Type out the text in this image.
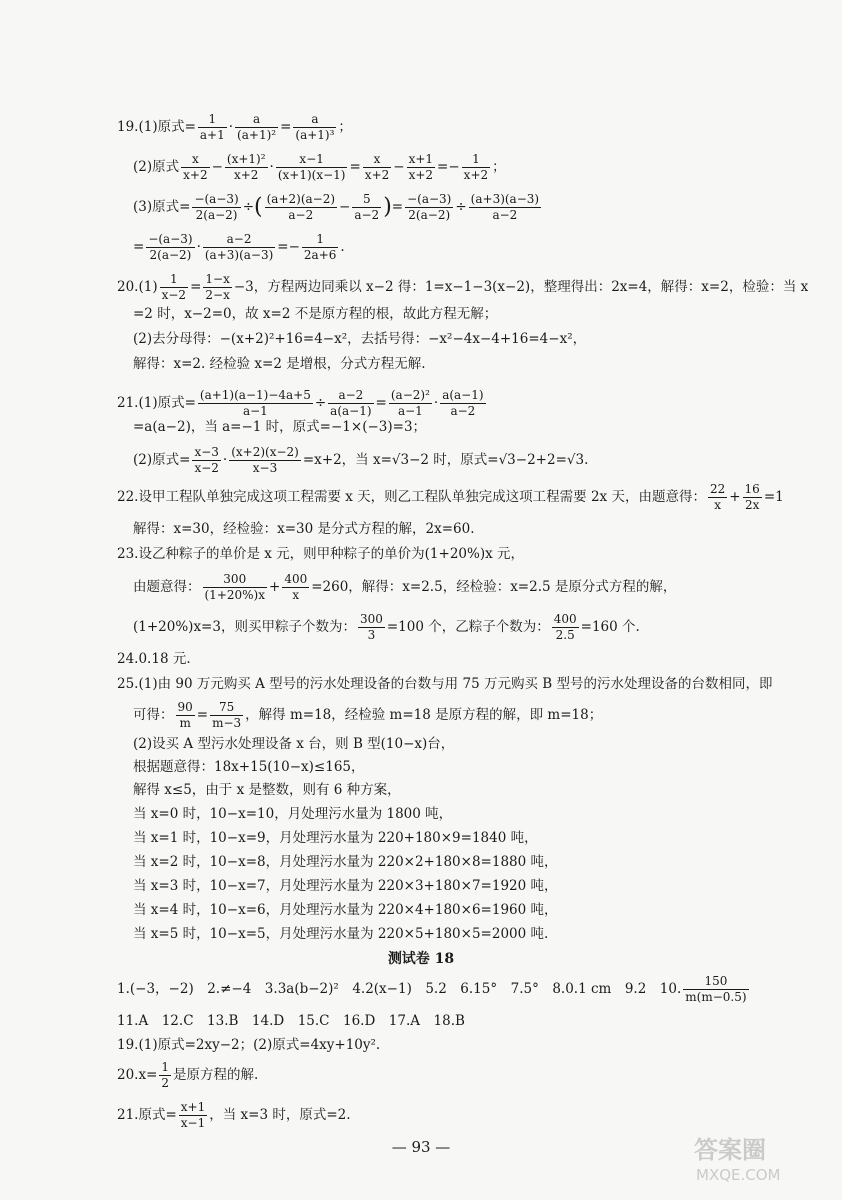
19.(1)原式= $\frac{1}{a+1} \cdot \frac{a}{\text{(a+1)²}} = \frac{a}{\text{(a+1)³}}$ ；
(2)原式 $\frac{x}{x+2} - \frac{\text{(x+1)²}}{x+2} \cdot \frac{x-1}{(x+1)(x-1)} = \frac{x}{x+2} - \frac{x+1}{x+2} =- \frac{1}{x+2}$ ；
(3)原式= $\frac{-(a-3)}{2(a-2)}$ ÷( $\frac{(a+2)(a-2)}{a-2} - \frac{5}{a-2}$ )= $\frac{-(a-3)}{2(a-2)} \div \frac{(a+3)(a-3)}{a-2}$
= $\frac{-(a-3)}{2(a-2)} \cdot \frac{a-2}{(a+3)(a-3)} =- \frac{1}{2a+6}$ .
$20.(1) \frac{1}{x-2} = \frac{1-x}{2-x} -3$，方程两边同乘以 x−2 得：1=x−1−3(x−2)，整理得出：2x=4，解得：x=2，检验：当 x
=2 时，x−2=0，故 x=2 不是原方程的根，故此方程无解；
(2)去分母得：−(x+2)²+16=4−x²，去括号得：−x²−4x−4+16=4−x²，
解得：x=2. 经检验 x=2 是增根，分式方程无解.
21.(1)原式= $\frac{(a+1)(a-1)-4a+5}{a-1} \div \frac{a-2}{a(a-1)} = \frac{\text{(a−2)²}}{a-1} \cdot \frac{a(a-1)}{a-2}$
=a(a−2)，当 a=−1 时，原式=−1×(−3)=3；
(2)原式= $\frac{x-3}{x-2} \cdot \frac{(x+2)(x-2)}{x-3} =x+2$，当 x=√3−2 时，原式=√3−2+2=√3.
22.设甲工程队单独完成这项工程需要 x 天，则乙工程队单独完成这项工程需要 2x 天，由题意得： $\frac{22}{x} + \frac{16}{2x} =1$
解得：x=30，经检验：x=30 是分式方程的解，2x=60.
23.设乙种粽子的单价是 x 元，则甲种粽子的单价为(1+20%)x 元，
由题意得： $\frac{300}{(1+20\%)x} + \frac{400}{x} =260$，解得：x=2.5，经检验：x=2.5 是原分式方程的解，
(1+20%)x=3，则买甲粽子个数为： $\frac{300}{3} =100$ 个，乙粽子个数为： $\frac{400}{2.5} =160$ 个.
24.0.18 元.
25.(1)由 90 万元购买 A 型号的污水处理设备的台数与用 75 万元购买 B 型号的污水处理设备的台数相同，即
可得： $\frac{90}{m} = \frac{75}{m-3}$ ，解得 m=18，经检验 m=18 是原方程的解，即 m=18；
(2)设买 A 型污水处理设备 x 台，则 B 型(10−x)台，
根据题意得：18x+15(10−x)≤165，
解得 x≤5，由于 x 是整数，则有 6 种方案，
当 x=0 时，10−x=10，月处理污水量为 1800 吨，
当 x=1 时，10−x=9，月处理污水量为 220+180×9=1840 吨，
当 x=2 时，10−x=8，月处理污水量为 220×2+180×8=1880 吨，
当 x=3 时，10−x=7，月处理污水量为 220×3+180×7=1920 吨，
当 x=4 时，10−x=6，月处理污水量为 220×4+180×6=1960 吨，
当 x=5 时，10−x=5，月处理污水量为 220×5+180×5=2000 吨.
测试卷 18
1.(−3，−2)　2.≠−4　3.3a(b−2)²　4.2(x−1)　5.2　6.15°　7.5°　8.0.1 cm　9.2　10. $\frac{150}{m(m-0.5)}$
11.A　12.C　13.B　14.D　15.C　16.D　17.A　18.B
19.(1)原式=2xy−2；(2)原式=4xy+10y².
$20.x= \frac{1}{2}$ 是原方程的解.
21.原式= $\frac{x+1}{x-1}$ ，当 x=3 时，原式=2.
— 93 —	答案圈
MXQE.COM
